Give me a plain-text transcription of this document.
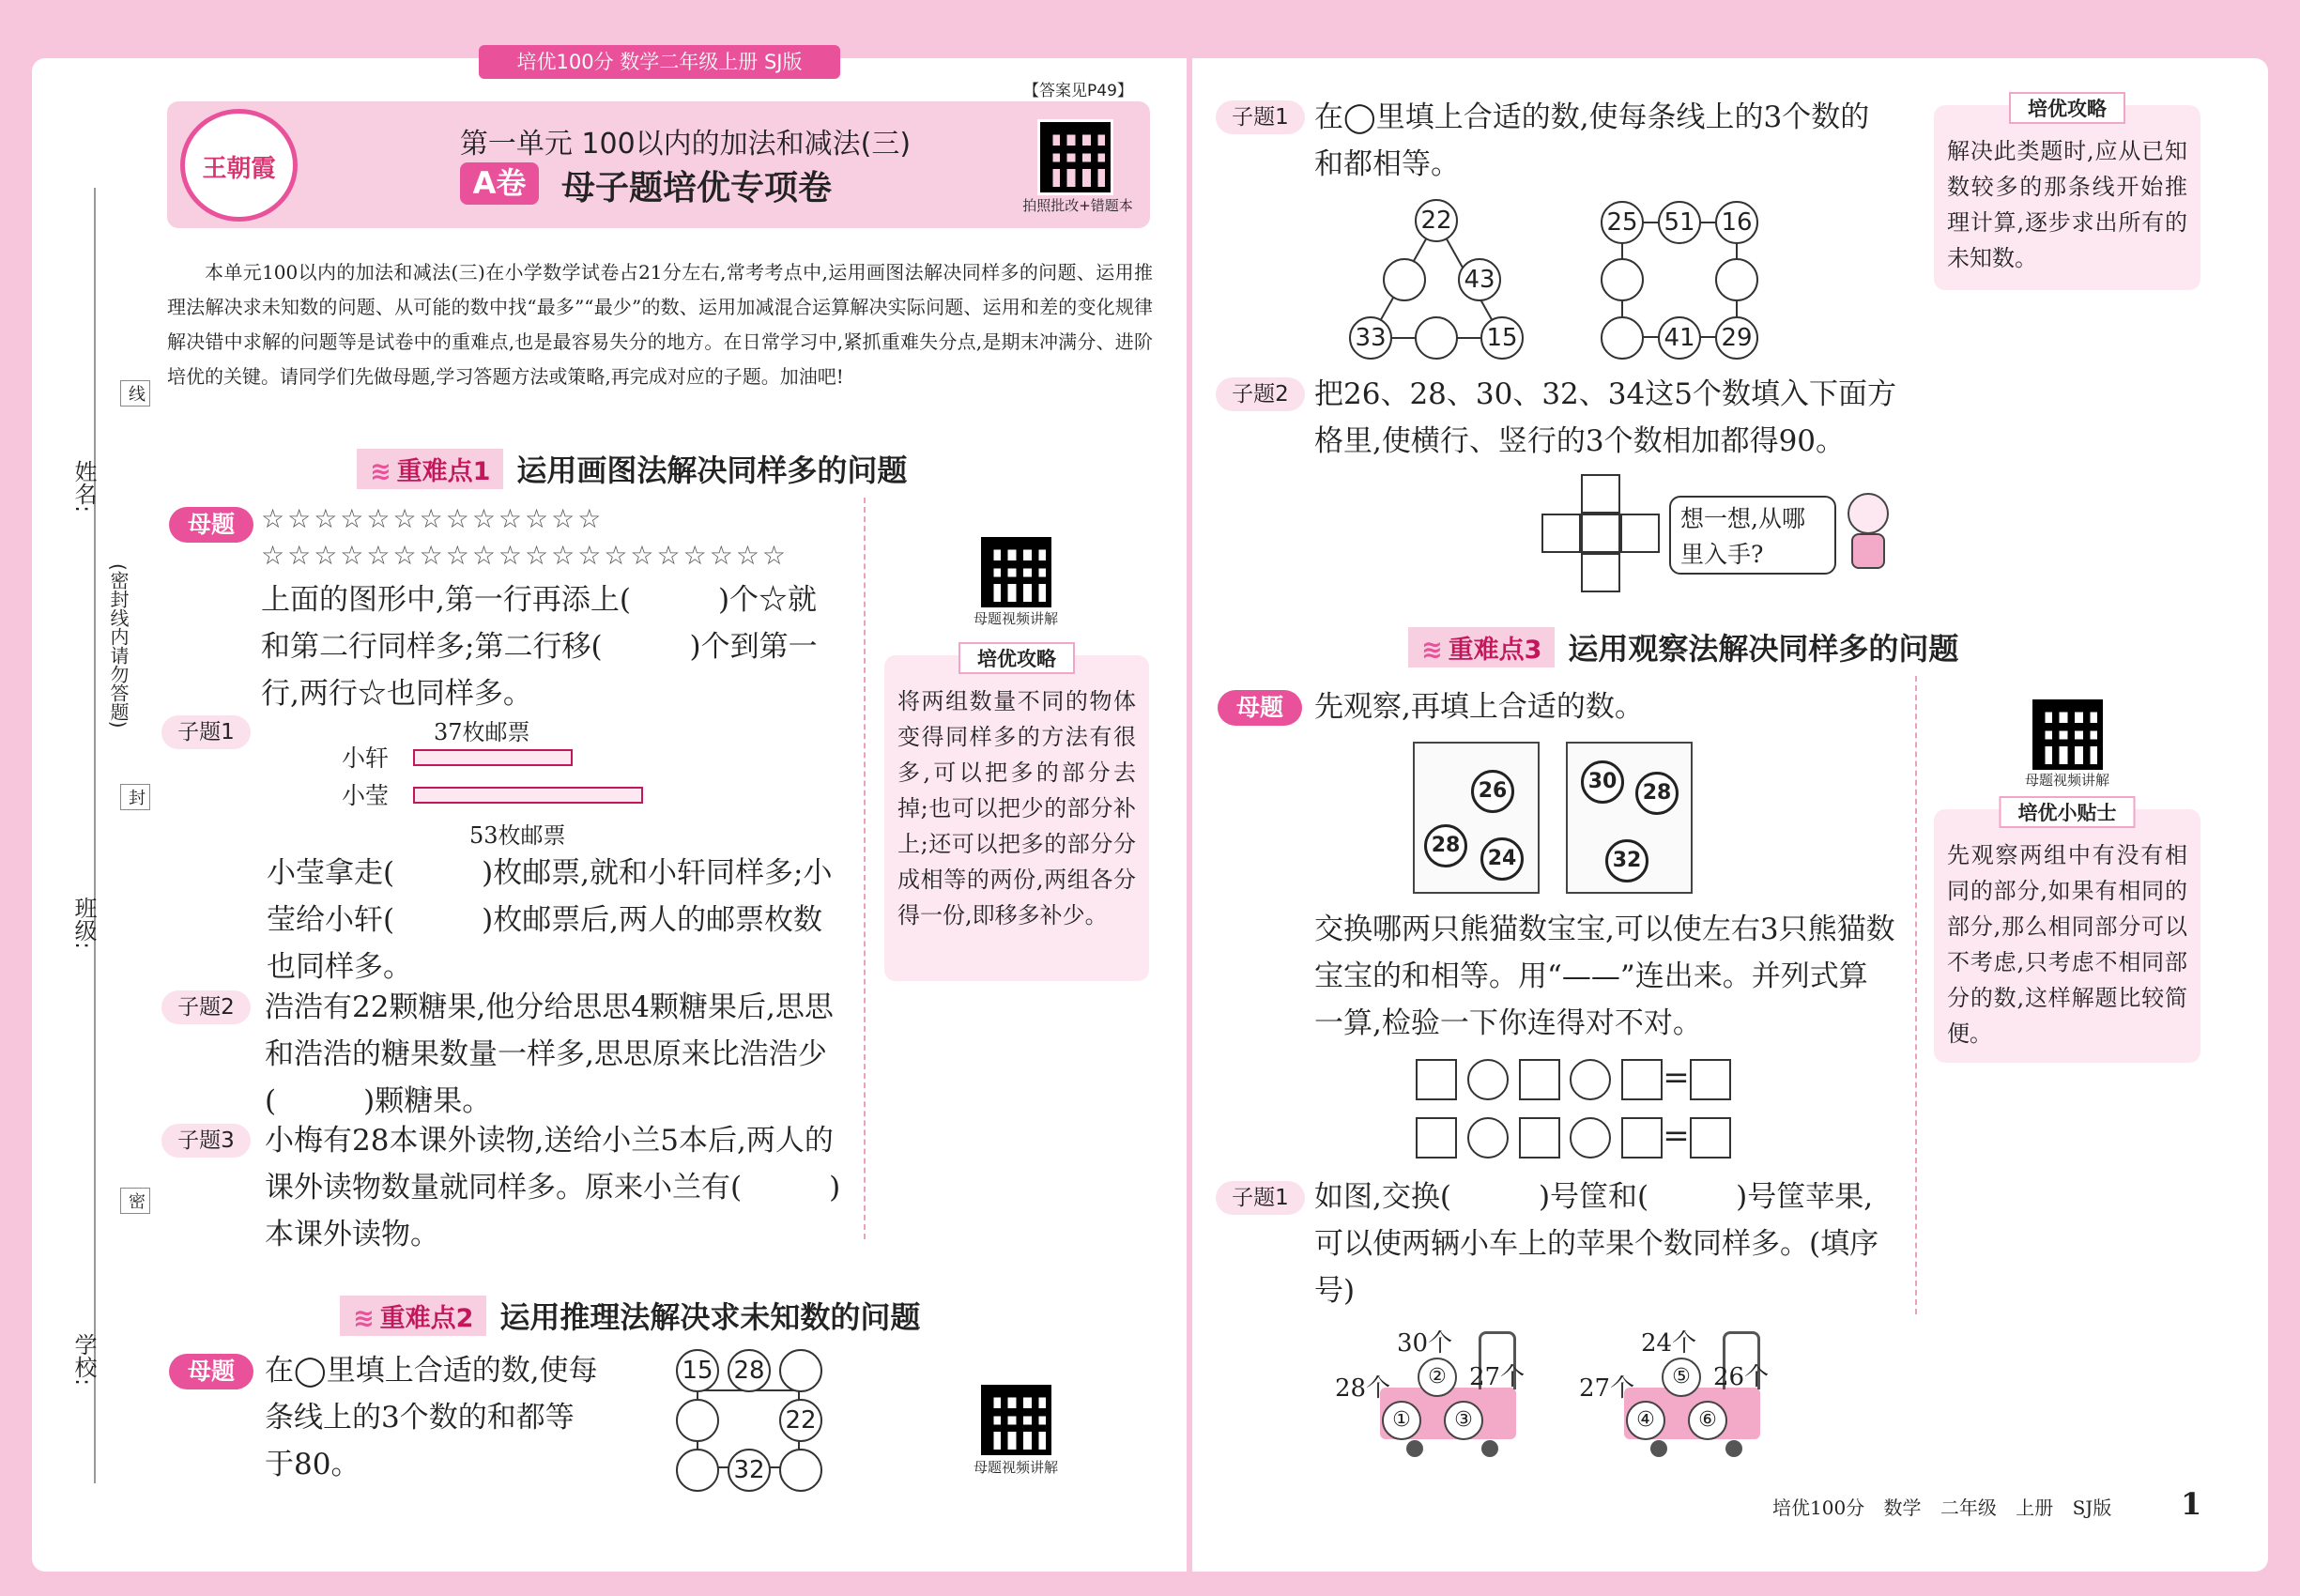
培优100分 数学二年级上册 SJ版
【答案见P49】
王朝霞
第一单元 100以内的加法和减法(三)
A卷	母子题培优专项卷	拍照批改+错题本
姓名:
班级:
学校:
(密封线内请勿答题)
线
封
密
本单元100以内的加法和减法(三)在小学数学试卷占21分左右,常考考点中,运用画图法解决同样多的问题、运用推理法解决求未知数的问题、从可能的数中找“最多”“最少”的数、运用加减混合运算解决实际问题、运用和差的变化规律解决错中求解的问题等是试卷中的重难点,也是最容易失分的地方。在日常学习中,紧抓重难失分点,是期末冲满分、进阶培优的关键。请同学们先做母题,学习答题方法或策略,再完成对应的子题。加油吧!
≋ 重难点1 运用画图法解决同样多的问题
母题	☆☆☆☆☆☆☆☆☆☆☆☆☆
☆☆☆☆☆☆☆☆☆☆☆☆☆☆☆☆☆☆☆☆
上面的图形中,第一行再添上(　　　)个☆就和第二行同样多;第二行移(　　　)个到第一行,两行☆也同样多。
子题1	37枚邮票
小轩
小莹
53枚邮票
小莹拿走(　　　)枚邮票,就和小轩同样多;小莹给小轩(　　　)枚邮票后,两人的邮票枚数也同样多。
子题2	浩浩有22颗糖果,他分给思思4颗糖果后,思思和浩浩的糖果数量一样多,思思原来比浩浩少(　　　)颗糖果。
子题3	小梅有28本课外读物,送给小兰5本后,两人的课外读物数量就同样多。原来小兰有(　　　)本课外读物。
母题视频讲解
培优攻略
将两组数量不同的物体变得同样多的方法有很多,可以把多的部分去掉;也可以把少的部分补上;还可以把多的部分分成相等的两份,两组各分得一份,即移多补少。
≋ 重难点2 运用推理法解决求未知数的问题
母题	在◯里填上合适的数,使每条线上的3个数的和都等于80。
15 28
22
32	母题视频讲解
子题1 在◯里填上合适的数,使每条线上的3个数的和都相等。
22
43
33	15
25 51 16
41 29
培优攻略
解决此类题时,应从已知数较多的那条线开始推理计算,逐步求出所有的未知数。
子题2 把26、28、30、32、34这5个数填入下面方格里,使横行、竖行的3个数相加都得90。
想一想,从哪里入手?
≋ 重难点3 运用观察法解决同样多的问题
母题	先观察,再填上合适的数。
26
28
24
30	28
32
交换哪两只熊猫数宝宝,可以使左右3只熊猫数宝宝的和相等。用“——”连出来。并列式算一算,检验一下你连得对不对。
=
=
母题视频讲解
培优小贴士
先观察两组中有没有相同的部分,如果有相同的部分,那么相同部分可以不考虑,只考虑不相同部分的数,这样解题比较简便。
子题1 如图,交换(　　　)号筐和(　　　)号筐苹果,可以使两辆小车上的苹果个数同样多。(填序号)
30个
28个	27个
②
①	③
24个
27个	26个
⑤
④	⑥
培优100分 数学 二年级 上册 SJ版 1
